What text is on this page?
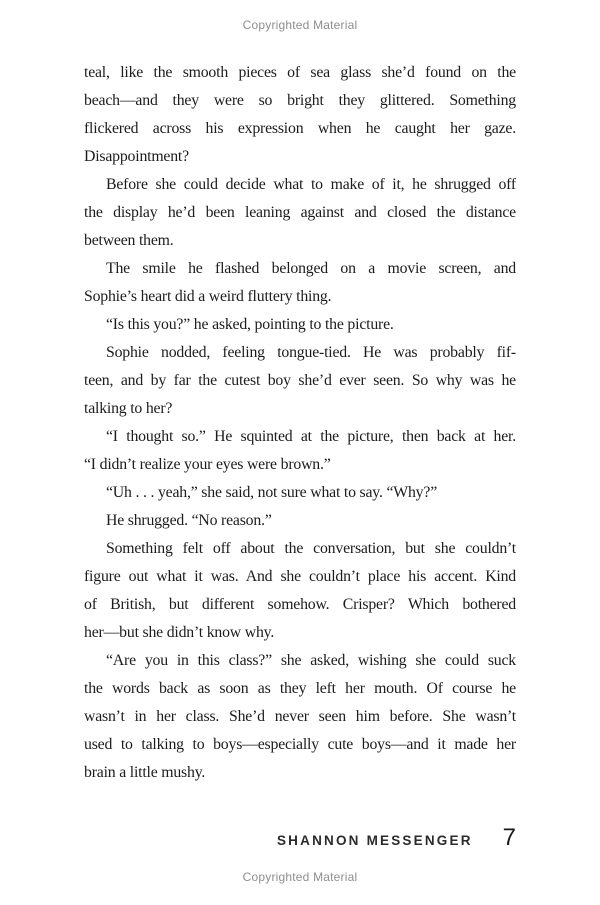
Copyrighted Material
teal, like the smooth pieces of sea glass she’d found on the
beach—and they were so bright they glittered. Something
flickered across his expression when he caught her gaze.
Disappointment?
Before she could decide what to make of it, he shrugged off
the display he’d been leaning against and closed the distance
between them.
The smile he flashed belonged on a movie screen, and
Sophie’s heart did a weird fluttery thing.
“Is this you?” he asked, pointing to the picture.
Sophie nodded, feeling tongue-tied. He was probably fif-
teen, and by far the cutest boy she’d ever seen. So why was he
talking to her?
“I thought so.” He squinted at the picture, then back at her.
“I didn’t realize your eyes were brown.”
“Uh . . . yeah,” she said, not sure what to say. “Why?”
He shrugged. “No reason.”
Something felt off about the conversation, but she couldn’t
figure out what it was. And she couldn’t place his accent. Kind
of British, but different somehow. Crisper? Which bothered
her—but she didn’t know why.
“Are you in this class?” she asked, wishing she could suck
the words back as soon as they left her mouth. Of course he
wasn’t in her class. She’d never seen him before. She wasn’t
used to talking to boys—especially cute boys—and it made her
brain a little mushy.
SHANNON MESSENGER 7
Copyrighted Material
